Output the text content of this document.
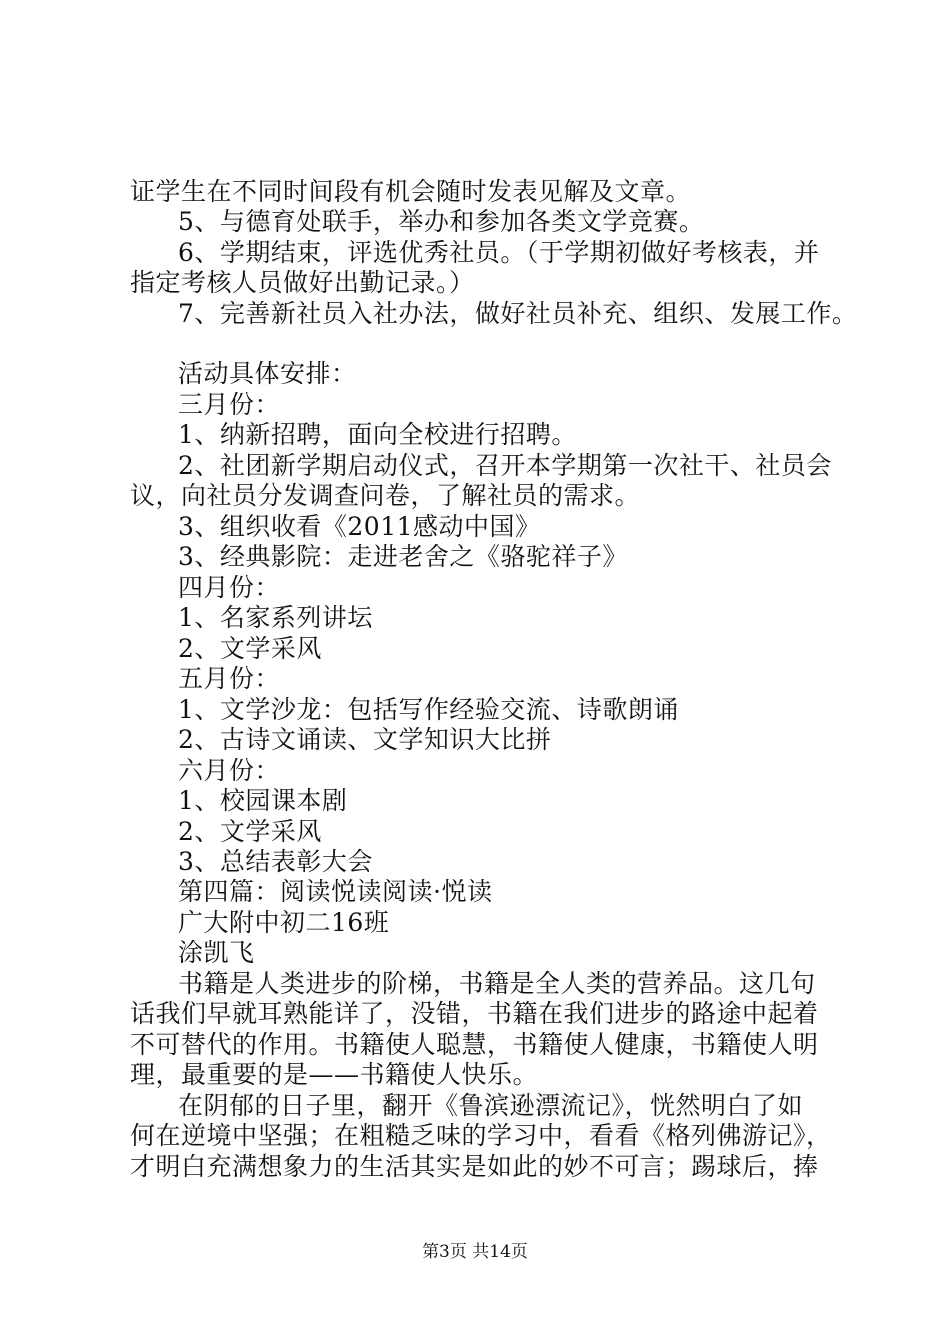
证学生在不同时间段有机会随时发表见解及文章。
5、与德育处联手，举办和参加各类文学竞赛。
6、学期结束，评选优秀社员。（于学期初做好考核表，并
指定考核人员做好出勤记录。）
7、完善新社员入社办法，做好社员补充、组织、发展工作。
活动具体安排：
三月份：
1、纳新招聘，面向全校进行招聘。
2、社团新学期启动仪式，召开本学期第一次社干、社员会
议，向社员分发调查问卷，了解社员的需求。
3、组织收看《2011感动中国》
3、经典影院：走进老舍之《骆驼祥子》
四月份：
1、名家系列讲坛
2、文学采风
五月份：
1、文学沙龙：包括写作经验交流、诗歌朗诵
2、古诗文诵读、文学知识大比拼
六月份：
1、校园课本剧
2、文学采风
3、总结表彰大会
第四篇：阅读悦读阅读·悦读
广大附中初二16班
涂凯飞
书籍是人类进步的阶梯，书籍是全人类的营养品。这几句
话我们早就耳熟能详了，没错，书籍在我们进步的路途中起着
不可替代的作用。书籍使人聪慧，书籍使人健康，书籍使人明
理，最重要的是——书籍使人快乐。
在阴郁的日子里，翻开《鲁滨逊漂流记》，恍然明白了如
何在逆境中坚强；在粗糙乏味的学习中，看看《格列佛游记》，
才明白充满想象力的生活其实是如此的妙不可言；踢球后，捧
第3页 共14页
